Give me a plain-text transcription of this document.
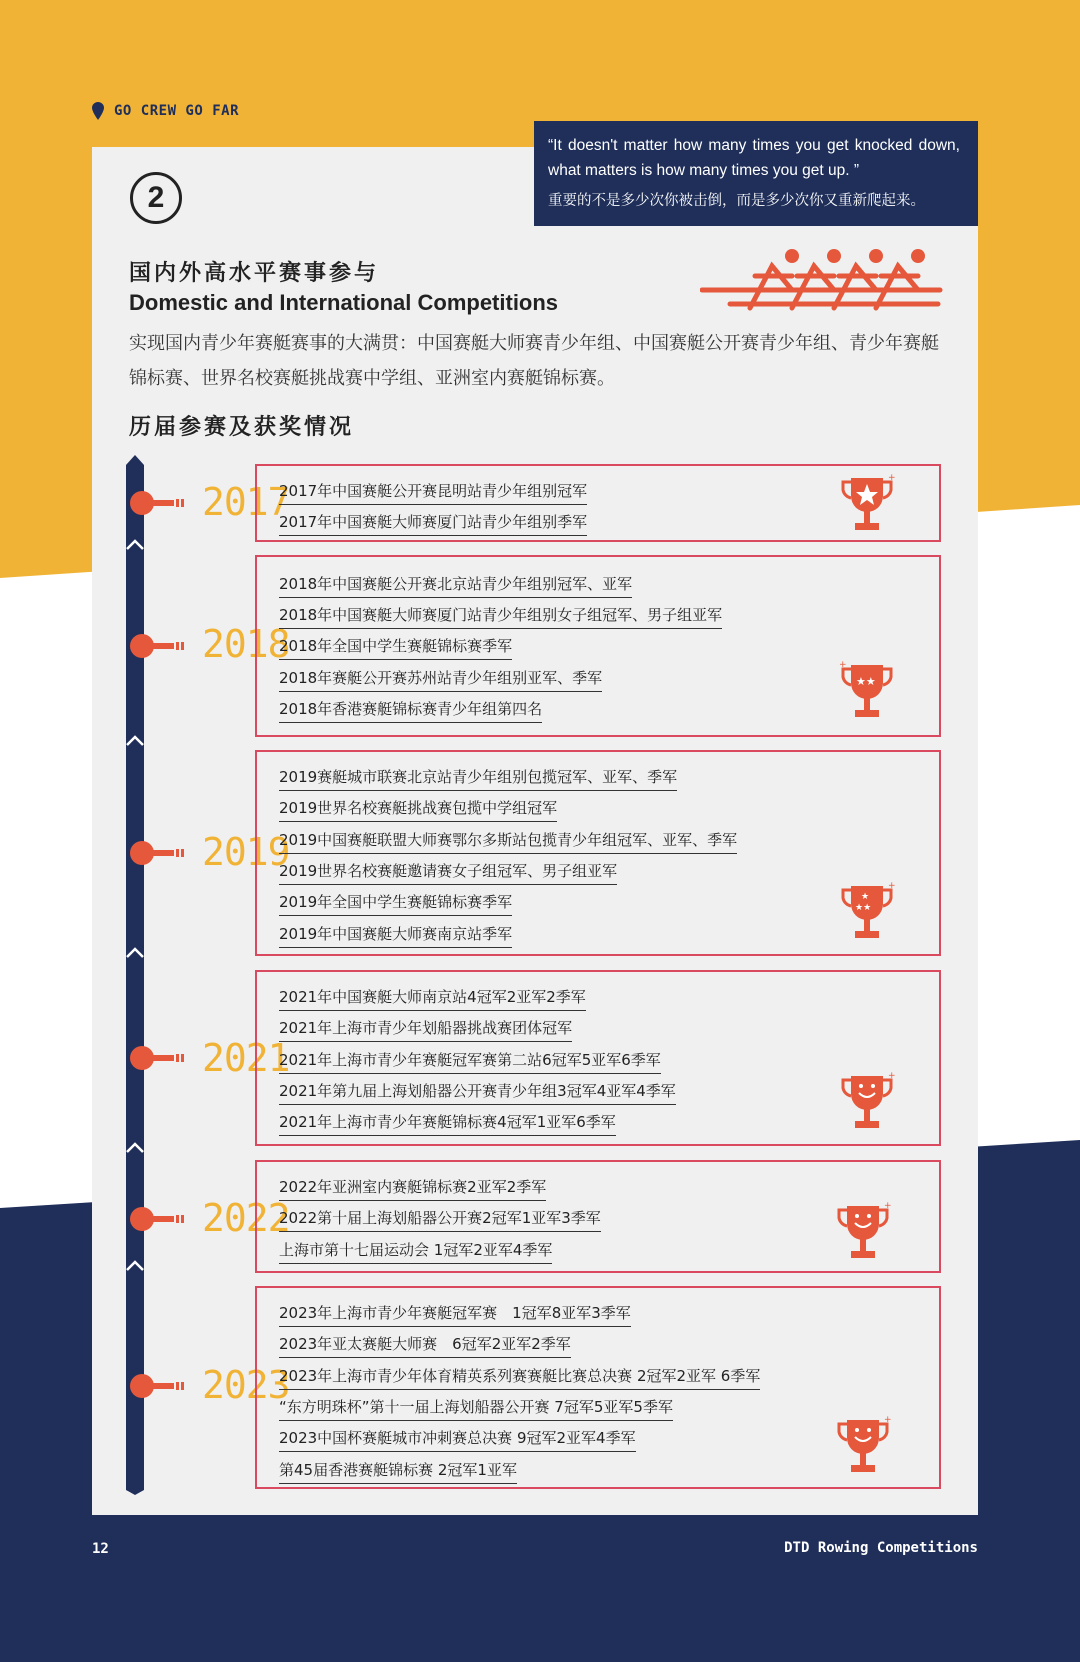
GO CREW GO FAR
“It doesn't matter how many times you get knocked down, what matters is how many times you get up. ”
重要的不是多少次你被击倒，而是多少次你又重新爬起来。
2
国内外高水平赛事参与
Domestic and International Competitions
实现国内青少年赛艇赛事的大满贯：中国赛艇大师赛青少年组、中国赛艇公开赛青少年组、青少年赛艇锦标赛、世界名校赛艇挑战赛中学组、亚洲室内赛艇锦标赛。
历届参赛及获奖情况
2017
2017年中国赛艇公开赛昆明站青少年组别冠军
2017年中国赛艇大师赛厦门站青少年组别季军
+
2018
2018年中国赛艇公开赛北京站青少年组别冠军、亚军
2018年中国赛艇大师赛厦门站青少年组别女子组冠军、男子组亚军
2018年全国中学生赛艇锦标赛季军
2018年赛艇公开赛苏州站青少年组别亚军、季军
2018年香港赛艇锦标赛青少年组第四名
★★
+
2019
2019赛艇城市联赛北京站青少年组别包揽冠军、亚军、季军
2019世界名校赛艇挑战赛包揽中学组冠军
2019中国赛艇联盟大师赛鄂尔多斯站包揽青少年组冠军、亚军、季军
2019世界名校赛艇邀请赛女子组冠军、男子组亚军
2019年全国中学生赛艇锦标赛季军
2019年中国赛艇大师赛南京站季军
★
★★
+
2021
2021年中国赛艇大师南京站4冠军2亚军2季军
2021年上海市青少年划船器挑战赛团体冠军
2021年上海市青少年赛艇冠军赛第二站6冠军5亚军6季军
2021年第九届上海划船器公开赛青少年组3冠军4亚军4季军
2021年上海市青少年赛艇锦标赛4冠军1亚军6季军
+
2022
2022年亚洲室内赛艇锦标赛2亚军2季军
2022第十届上海划船器公开赛2冠军1亚军3季军
上海市第十七届运动会 1冠军2亚军4季军
+
2023
2023年上海市青少年赛艇冠军赛　1冠军8亚军3季军
2023年亚太赛艇大师赛　6冠军2亚军2季军
2023年上海市青少年体育精英系列赛赛艇比赛总决赛 2冠军2亚军 6季军
“东方明珠杯”第十一届上海划船器公开赛 7冠军5亚军5季军
2023中国杯赛艇城市冲刺赛总决赛 9冠军2亚军4季军
第45届香港赛艇锦标赛 2冠军1亚军
+
12	DTD Rowing Competitions
